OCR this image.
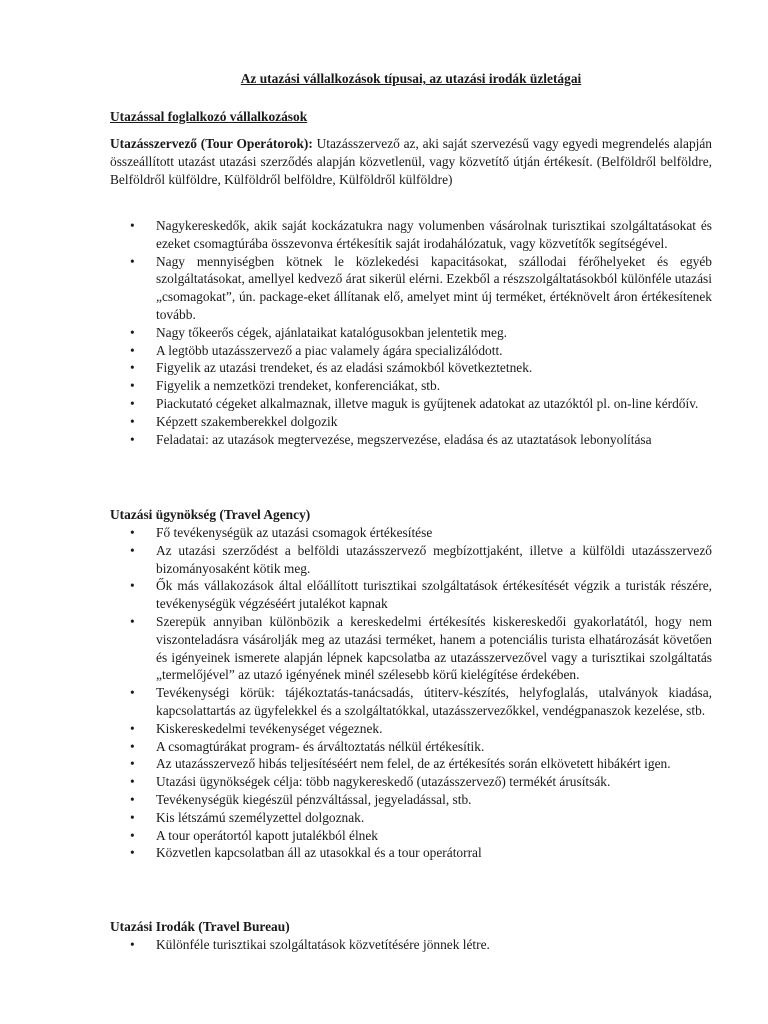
Az utazási vállalkozások típusai, az utazási irodák üzletágai
Utazással foglalkozó vállalkozások
Utazásszervező (Tour Operátorok): Utazásszervező az, aki saját szervezésű vagy egyedi megrendelés alapján összeállított utazást utazási szerződés alapján közvetlenül, vagy közvetítő útján értékesít. (Belföldről belföldre, Belföldről külföldre, Külföldről belföldre, Külföldről külföldre)
•	Nagykereskedők, akik saját kockázatukra nagy volumenben vásárolnak turisztikai szolgáltatásokat és ezeket csomagtúrába összevonva értékesítik saját irodahálózatuk, vagy közvetítők segítségével.
•	Nagy mennyiségben kötnek le közlekedési kapacitásokat, szállodai férőhelyeket és egyéb szolgáltatásokat, amellyel kedvező árat sikerül elérni. Ezekből a részszolgáltatásokból különféle utazási „csomagokat”, ún. package-eket állítanak elő, amelyet mint új terméket, értéknövelt áron értékesítenek tovább.
•	Nagy tőkeerős cégek, ajánlataikat katalógusokban jelentetik meg.
•	A legtöbb utazásszervező a piac valamely ágára specializálódott.
•	Figyelik az utazási trendeket, és az eladási számokból következtetnek.
•	Figyelik a nemzetközi trendeket, konferenciákat, stb.
•	Piackutató cégeket alkalmaznak, illetve maguk is gyűjtenek adatokat az utazóktól pl. on-line kérdőív.
•	Képzett szakemberekkel dolgozik
•	Feladatai: az utazások megtervezése, megszervezése, eladása és az utaztatások lebonyolítása
Utazási ügynökség (Travel Agency)
•	Fő tevékenységük az utazási csomagok értékesítése
•	Az utazási szerződést a belföldi utazásszervező megbízottjaként, illetve a külföldi utazásszervező bizományosaként kötik meg.
•	Ők más vállakozások által előállított turisztikai szolgáltatások értékesítését végzik a turisták részére, tevékenységük végzéséért jutalékot kapnak
•	Szerepük annyiban különbözik a kereskedelmi értékesítés kiskereskedői gyakorlatától, hogy nem viszonteladásra vásárolják meg az utazási terméket, hanem a potenciális turista elhatározását követően és igényeinek ismerete alapján lépnek kapcsolatba az utazásszervezővel vagy a turisztikai szolgáltatás „termelőjével” az utazó igényének minél szélesebb körű kielégítése érdekében.
•	Tevékenységi körük: tájékoztatás-tanácsadás, útiterv-készítés, helyfoglalás, utalványok kiadása, kapcsolattartás az ügyfelekkel és a szolgáltatókkal, utazásszervezőkkel, vendégpanaszok kezelése, stb.
•	Kiskereskedelmi tevékenységet végeznek.
•	A csomagtúrákat program- és árváltoztatás nélkül értékesítik.
•	Az utazásszervező hibás teljesítéséért nem felel, de az értékesítés során elkövetett hibákért igen.
•	Utazási ügynökségek célja: több nagykereskedő (utazásszervező) termékét árusítsák.
•	Tevékenységük kiegészül pénzváltással, jegyeladással, stb.
•	Kis létszámú személyzettel dolgoznak.
•	A tour operátortól kapott jutalékból élnek
•	Közvetlen kapcsolatban áll az utasokkal és a tour operátorral
Utazási Irodák (Travel Bureau)
•	Különféle turisztikai szolgáltatások közvetítésére jönnek létre.
